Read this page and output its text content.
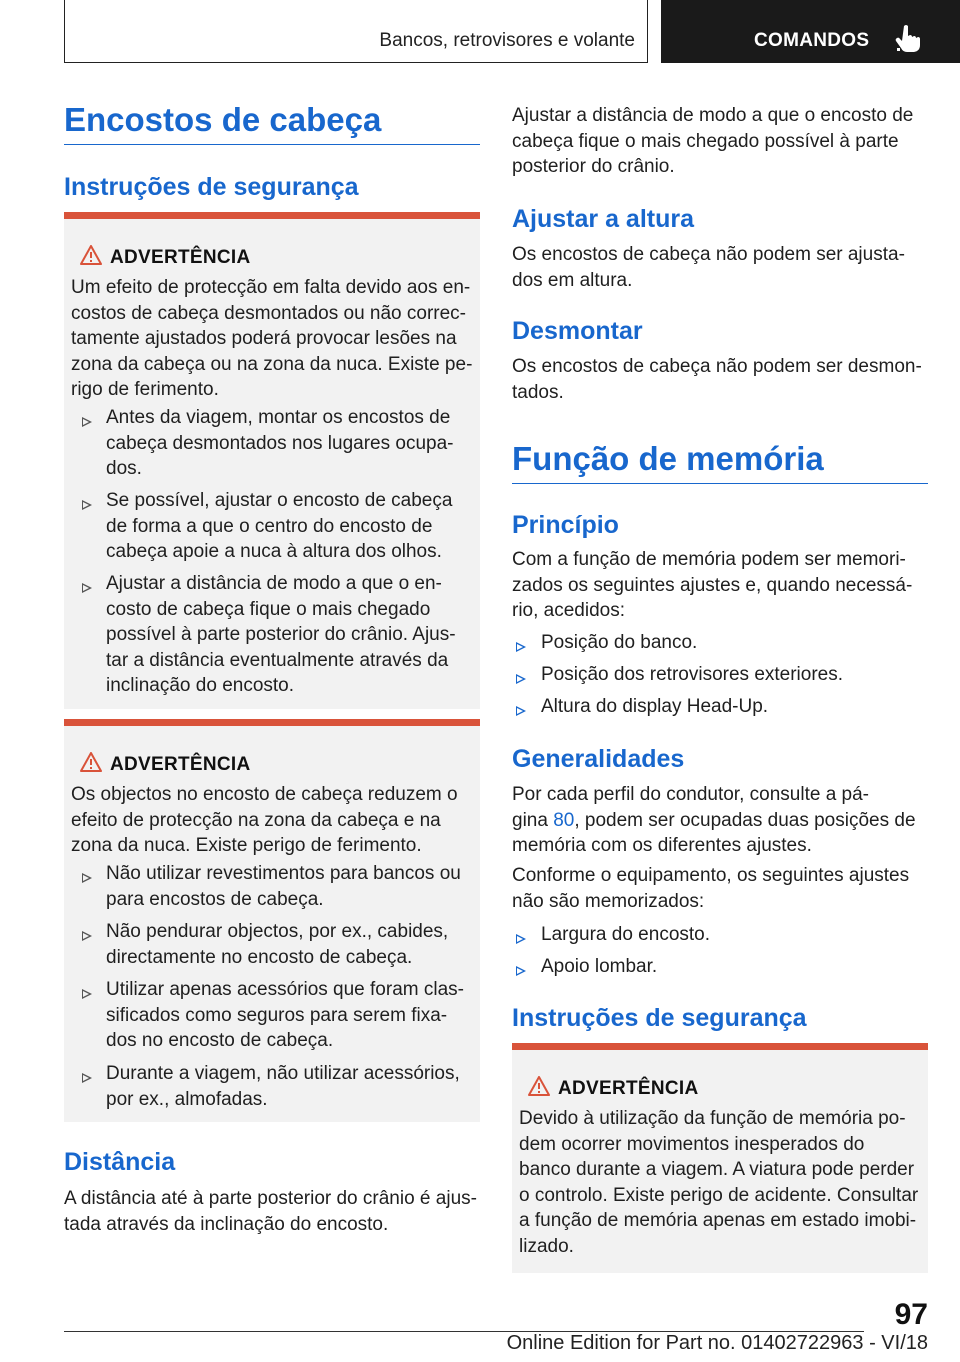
Bancos, retrovisores e volante	COMANDOS
Encostos de cabeça
Instruções de segurança
ADVERTÊNCIA
Um efeito de protecção em falta devido aos en-
costos de cabeça desmontados ou não correc-
tamente ajustados poderá provocar lesões na
zona da cabeça ou na zona da nuca. Existe pe-
rigo de ferimento.
Antes da viagem, montar os encostos de
cabeça desmontados nos lugares ocupa-
dos.
Se possível, ajustar o encosto de cabeça
de forma a que o centro do encosto de
cabeça apoie a nuca à altura dos olhos.
Ajustar a distância de modo a que o en-
costo de cabeça fique o mais chegado
possível à parte posterior do crânio. Ajus-
tar a distância eventualmente através da
inclinação do encosto.
ADVERTÊNCIA
Os objectos no encosto de cabeça reduzem o
efeito de protecção na zona da cabeça e na
zona da nuca. Existe perigo de ferimento.
Não utilizar revestimentos para bancos ou
para encostos de cabeça.
Não pendurar objectos, por ex., cabides,
directamente no encosto de cabeça.
Utilizar apenas acessórios que foram clas-
sificados como seguros para serem fixa-
dos no encosto de cabeça.
Durante a viagem, não utilizar acessórios,
por ex., almofadas.
Distância
A distância até à parte posterior do crânio é ajus-
tada através da inclinação do encosto.
Ajustar a distância de modo a que o encosto de
cabeça fique o mais chegado possível à parte
posterior do crânio.
Ajustar a altura
Os encostos de cabeça não podem ser ajusta-
dos em altura.
Desmontar
Os encostos de cabeça não podem ser desmon-
tados.
Função de memória
Princípio
Com a função de memória podem ser memori-
zados os seguintes ajustes e, quando necessá-
rio, acedidos:
Posição do banco.
Posição dos retrovisores exteriores.
Altura do display Head-Up.
Generalidades
Por cada perfil do condutor, consulte a pá-
gina 80, podem ser ocupadas duas posições de
memória com os diferentes ajustes.
Conforme o equipamento, os seguintes ajustes
não são memorizados:
Largura do encosto.
Apoio lombar.
Instruções de segurança
ADVERTÊNCIA
Devido à utilização da função de memória po-
dem ocorrer movimentos inesperados do
banco durante a viagem. A viatura pode perder
o controlo. Existe perigo de acidente. Consultar
a função de memória apenas em estado imobi-
lizado.
97
Online Edition for Part no. 01402722963 - VI/18
